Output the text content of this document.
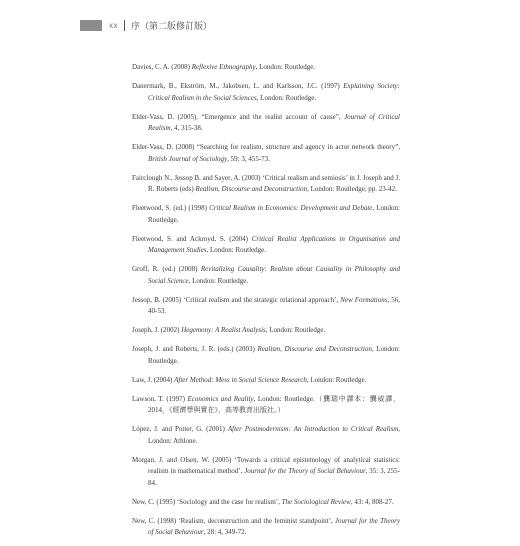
xx 序（第二版修訂版）

Davies, C. A. (2008) Reflexive Ethnography, London: Routledge.

Danermark, B., Ekström, M., Jakobsen, L. and Karlsson, J.C. (1997) Explaining Society: Critical Realism in the Social Sciences, London: Routledge.

Elder-Vass, D. (2005). “Emergence and the realist account of cause”, Journal of Critical Realism, 4, 315-38.

Elder-Vass, D. (2008) “Searching for realism, structure and agency in actor network theory”, British Journal of Sociology, 59: 3, 455-73.

Fairclough N., Jessop B. and Sayer, A. (2003) ‘Critical realism and semiosis’ in J. Joseph and J. R. Roberts (eds) Realism, Discourse and Deconstruction, London: Routledge, pp. 23-42.

Fleetwood, S. (ed.) (1998) Critical Realism in Economics: Development and Debate, London: Routledge.

Fleetwood, S. and Ackroyd, S. (2004) Critical Realist Applications in Organisation and Management Studies, London: Routledge.

Groff, R. (ed.) (2008) Revitalizing Causality: Realism about Causality in Philosophy and Social Science, London: Routledge.

Jessop, B. (2005) ‘Critical realism and the strategic relational approach’, New Formations, 56, 40-53.

Joseph, J. (2002) Hegemony: A Realist Analysis, London: Routledge.

Joseph, J. and Roberts, J. R. (eds.) (2003) Realism, Discourse and Deconstruction, London: Routledge.

Law, J. (2004) After Method: Mess in Social Science Research, London: Routledge.

Lawson, T. (1997) Economics and Reality, London: Routledge.（龔瑞中譯本：龔威譯，2014，《經濟學與實在》，高等教育出版社。）

López, J. and Potter, G. (2001) After Postmodernism: An Introduction to Critical Realism, London: Athlone.

Morgan, J. and Olsen, W. (2005) ‘Towards a critical epistemology of analytical statistics: realism in mathematical method’, Journal for the Theory of Social Behaviour, 35: 3, 255-84.

New, C. (1995) ‘Sociology and the case for realism’, The Sociological Review, 43: 4, 808-27.

New, C. (1998) ‘Realism, deconstruction and the feminist standpoint’, Journal for the Theory of Social Behaviour, 28: 4, 349-72.
